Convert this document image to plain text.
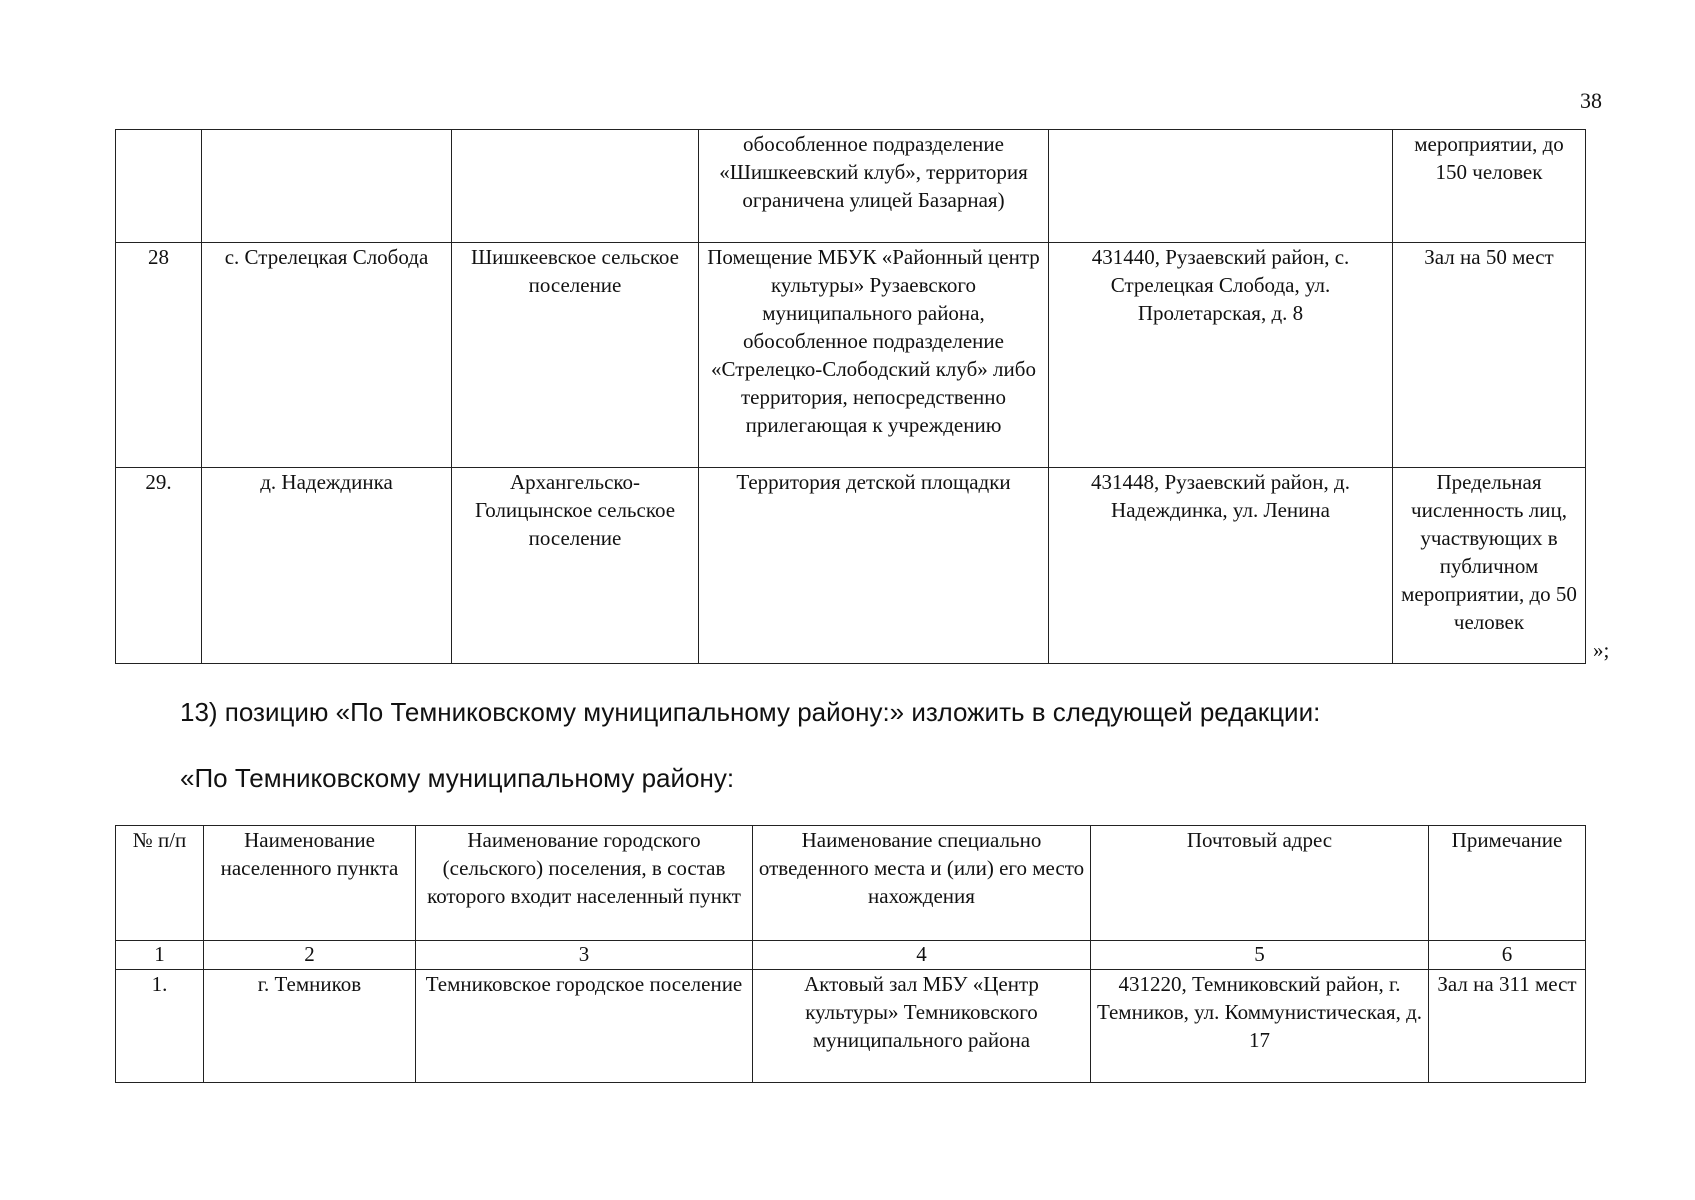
38
			обособленное подразделение «Шишкеевский клуб», территория ограничена улицей Базарная)		мероприятии, до 150 человек
28	с. Стрелецкая Слобода	Шишкеевское сельское поселение	Помещение МБУК «Районный центр культуры» Рузаевского муниципального района, обособленное подразделение «Стрелецко-Слободский клуб» либо территория, непосредственно прилегающая к учреждению	431440, Рузаевский район, с. Стрелецкая Слобода, ул. Пролетарская, д. 8	Зал на 50 мест
29.	д. Надеждинка	Архангельско-Голицынское сельское поселение	Территория детской площадки	431448, Рузаевский район, д. Надеждинка, ул. Ленина	Предельная численность лиц, участвующих в публичном мероприятии, до 50 человек
»;
13) позицию «По Темниковскому муниципальному району:» изложить в следующей редакции:
«По Темниковскому муниципальному району:
№ п/п	Наименование населенного пункта	Наименование городского (сельского) поселения, в состав которого входит населенный пункт	Наименование специально отведенного места и (или) его место нахождения	Почтовый адрес	Примечание
1	2	3	4	5	6
1.	г. Темников	Темниковское городское поселение	Актовый зал МБУ «Центр культуры» Темниковского муниципального района	431220, Темниковский район, г. Темников, ул. Коммунистическая, д. 17	Зал на 311 мест
